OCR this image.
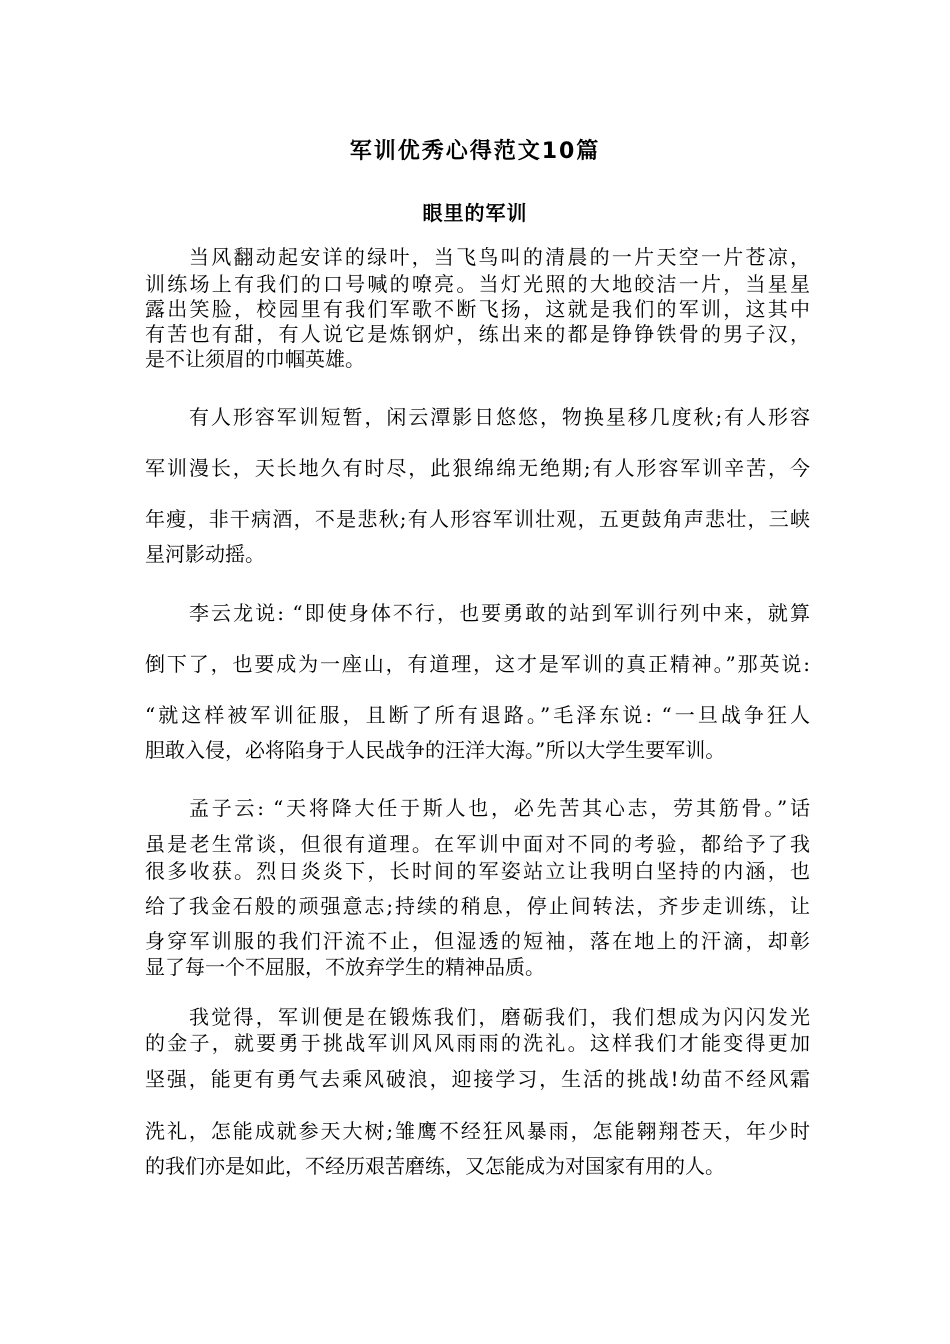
军训优秀心得范文10篇
眼里的军训
当风翻动起安详的绿叶，当飞鸟叫的清晨的一片天空一片苍凉，
训练场上有我们的口号喊的嘹亮。当灯光照的大地皎洁一片，当星星
露出笑脸，校园里有我们军歌不断飞扬，这就是我们的军训，这其中
有苦也有甜，有人说它是炼钢炉，练出来的都是铮铮铁骨的男子汉，
是不让须眉的巾帼英雄。
有人形容军训短暂，闲云潭影日悠悠，物换星移几度秋;有人形容
军训漫长，天长地久有时尽，此狠绵绵无绝期;有人形容军训辛苦，今
年瘦，非干病酒，不是悲秋;有人形容军训壮观，五更鼓角声悲壮，三峡
星河影动摇。
李云龙说: “即使身体不行，也要勇敢的站到军训行列中来，就算
倒下了，也要成为一座山，有道理，这才是军训的真正精神。”那英说:
“就这样被军训征服，且断了所有退路。”毛泽东说: “一旦战争狂人
胆敢入侵，必将陷身于人民战争的汪洋大海。”所以大学生要军训。
孟子云: “天将降大任于斯人也，必先苦其心志，劳其筋骨。”话
虽是老生常谈，但很有道理。在军训中面对不同的考验，都给予了我
很多收获。烈日炎炎下，长时间的军姿站立让我明白坚持的内涵，也
给了我金石般的顽强意志;持续的稍息，停止间转法，齐步走训练，让
身穿军训服的我们汗流不止，但湿透的短袖，落在地上的汗滴，却彰
显了每一个不屈服，不放弃学生的精神品质。
我觉得，军训便是在锻炼我们，磨砺我们，我们想成为闪闪发光
的金子，就要勇于挑战军训风风雨雨的洗礼。这样我们才能变得更加
坚强，能更有勇气去乘风破浪，迎接学习，生活的挑战!幼苗不经风霜
洗礼，怎能成就参天大树;雏鹰不经狂风暴雨，怎能翱翔苍天，年少时
的我们亦是如此，不经历艰苦磨练，又怎能成为对国家有用的人。
